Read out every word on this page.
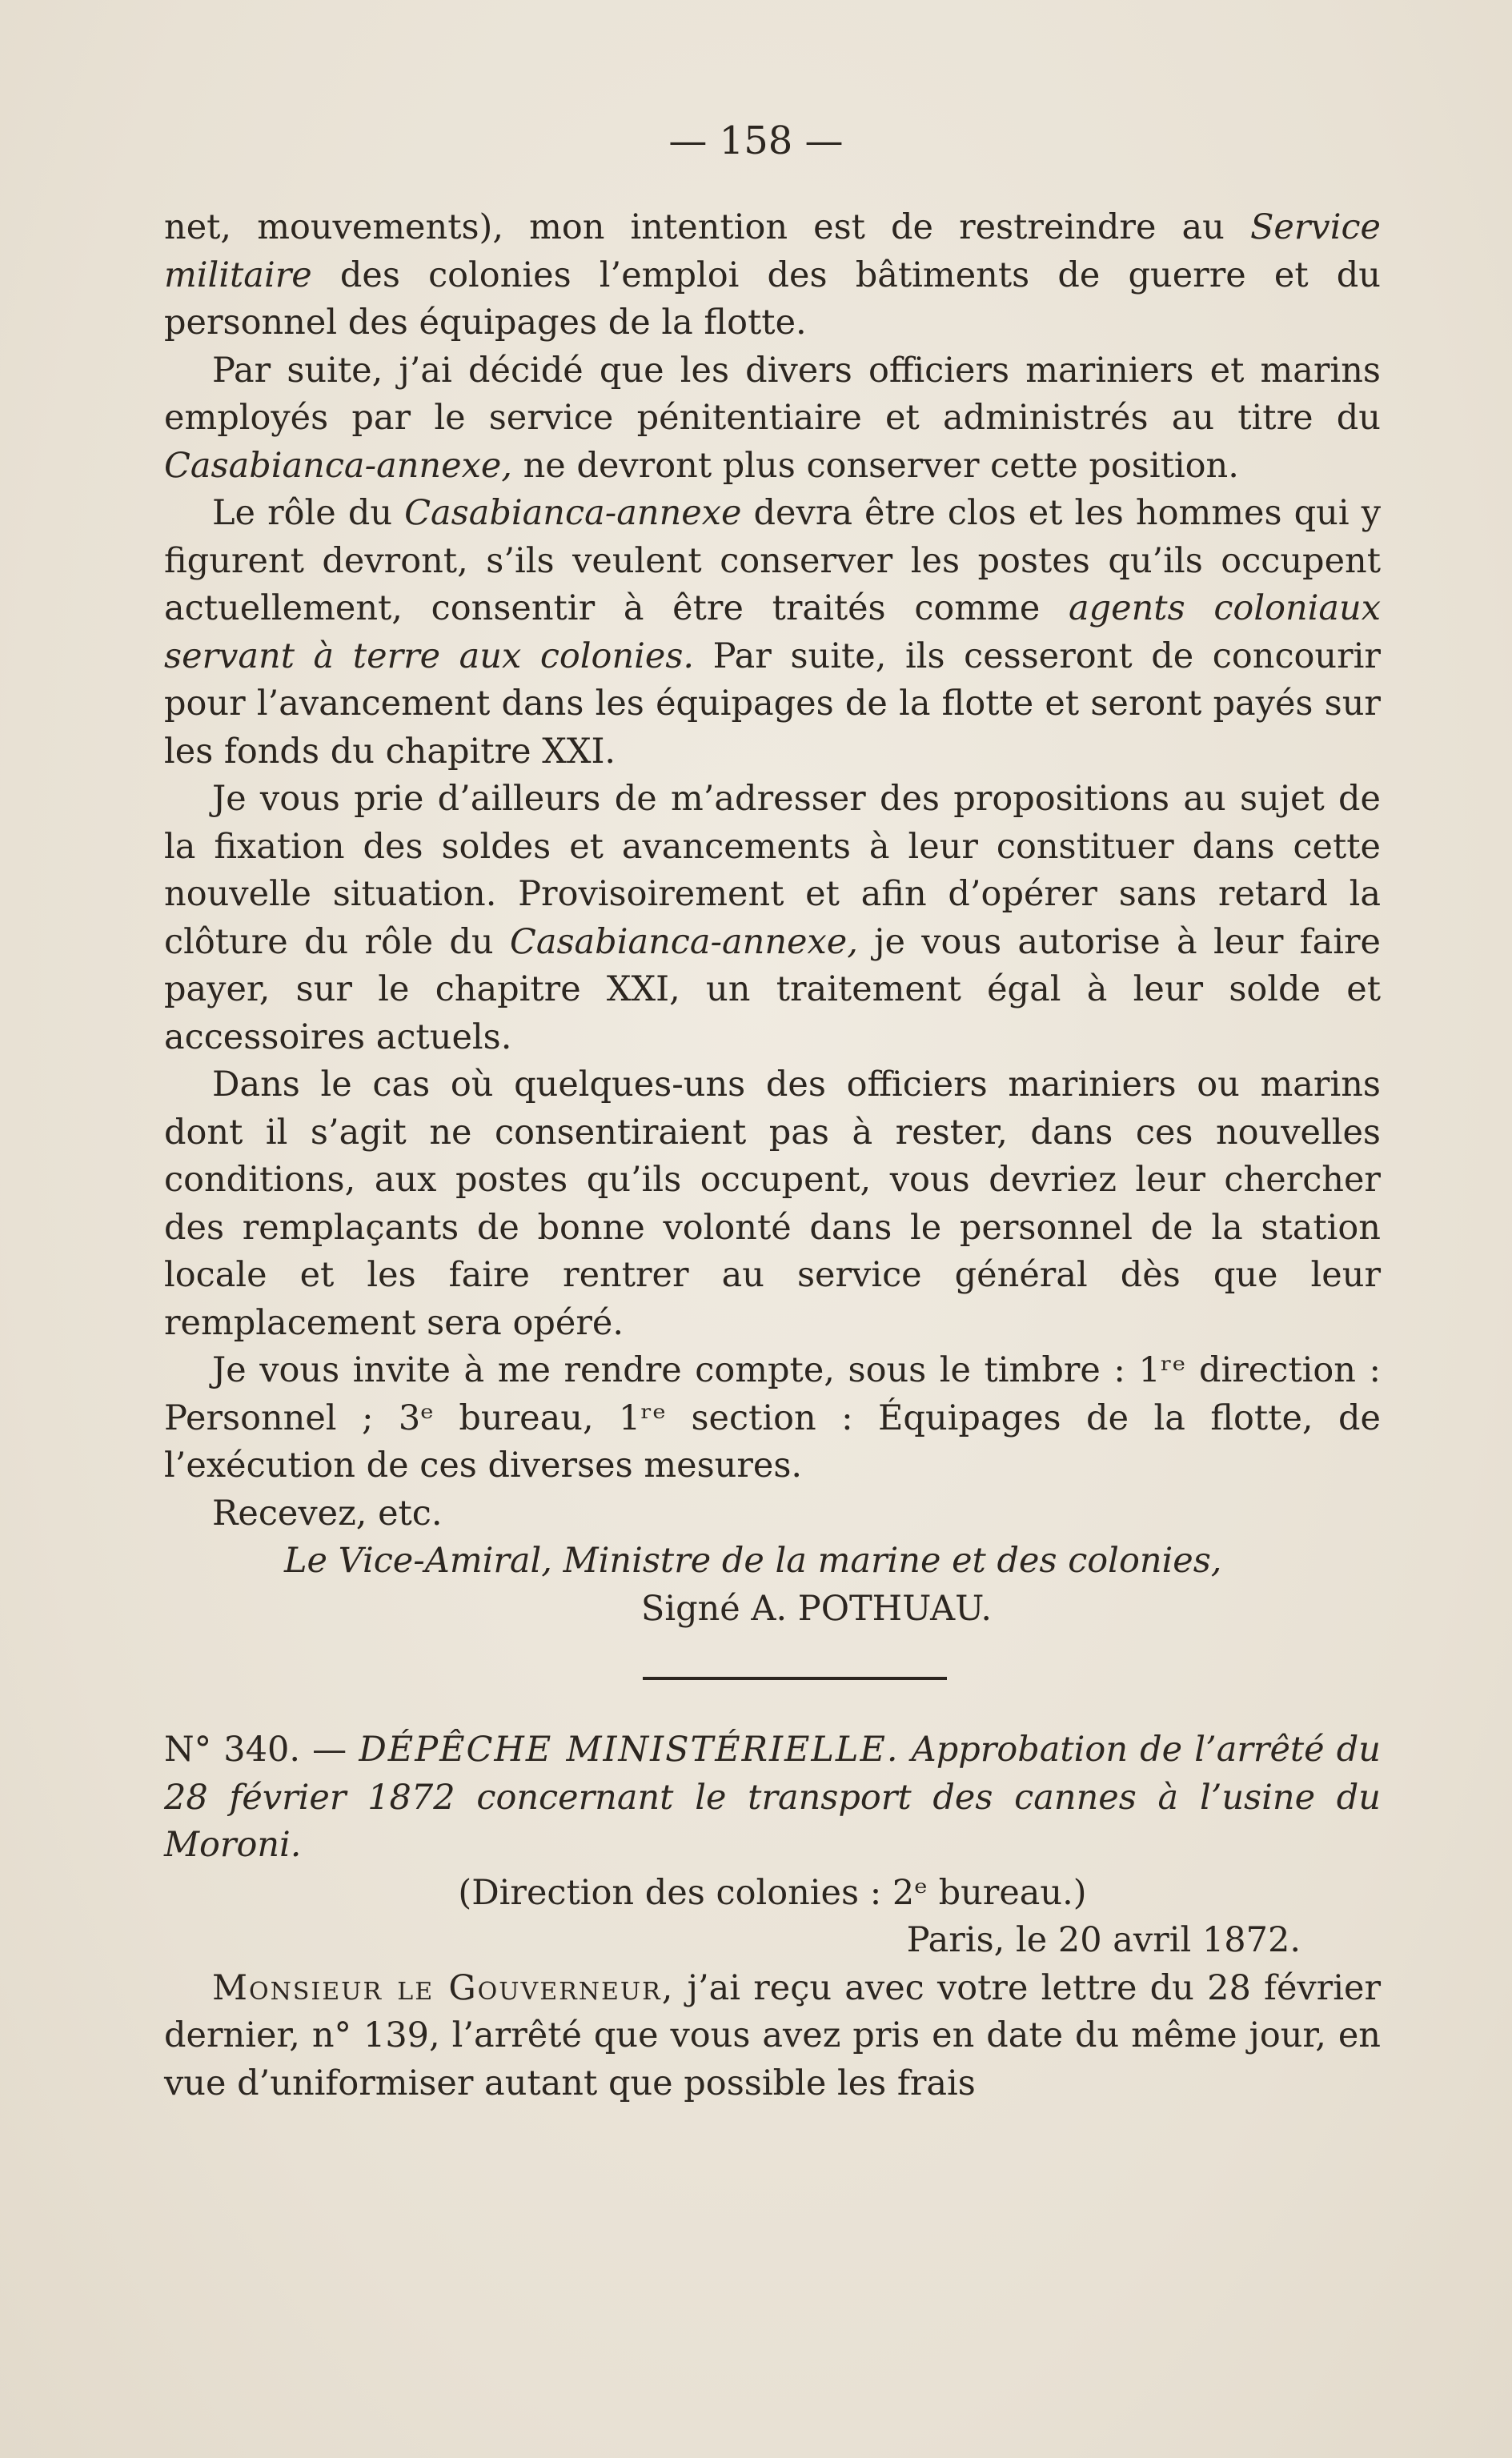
— 158 —

net, mouvements), mon intention est de restreindre au Service militaire des colonies l’emploi des bâtiments de guerre et du personnel des équipages de la flotte.

Par suite, j’ai décidé que les divers officiers mariniers et marins employés par le service pénitentiaire et administrés au titre du Casabianca-annexe, ne devront plus conserver cette position.

Le rôle du Casabianca-annexe devra être clos et les hommes qui y figurent devront, s’ils veulent conserver les postes qu’ils occupent actuellement, consentir à être traités comme agents coloniaux servant à terre aux colonies. Par suite, ils cesseront de concourir pour l’avancement dans les équipages de la flotte et seront payés sur les fonds du chapitre XXI.

Je vous prie d’ailleurs de m’adresser des propositions au sujet de la fixation des soldes et avancements à leur constituer dans cette nouvelle situation. Provisoirement et afin d’opérer sans retard la clôture du rôle du Casabianca-annexe, je vous autorise à leur faire payer, sur le chapitre XXI, un traitement égal à leur solde et accessoires actuels.

Dans le cas où quelques-uns des officiers mariniers ou marins dont il s’agit ne consentiraient pas à rester, dans ces nouvelles conditions, aux postes qu’ils occupent, vous devriez leur chercher des remplaçants de bonne volonté dans le personnel de la station locale et les faire rentrer au service général dès que leur remplacement sera opéré.

Je vous invite à me rendre compte, sous le timbre : 1ʳᵉ direction : Personnel ; 3ᵉ bureau, 1ʳᵉ section : Équipages de la flotte, de l’exécution de ces diverses mesures.

Recevez, etc.

Le Vice-Amiral, Ministre de la marine et des colonies,

Signé A. POTHUAU.

N° 340. — DÉPÊCHE MINISTÉRIELLE. Approbation de l’arrêté du 28 février 1872 concernant le transport des cannes à l’usine du Moroni.

(Direction des colonies : 2ᵉ bureau.)

Paris, le 20 avril 1872.

Monsieur le Gouverneur, j’ai reçu avec votre lettre du 28 février dernier, n° 139, l’arrêté que vous avez pris en date du même jour, en vue d’uniformiser autant que possible les frais
